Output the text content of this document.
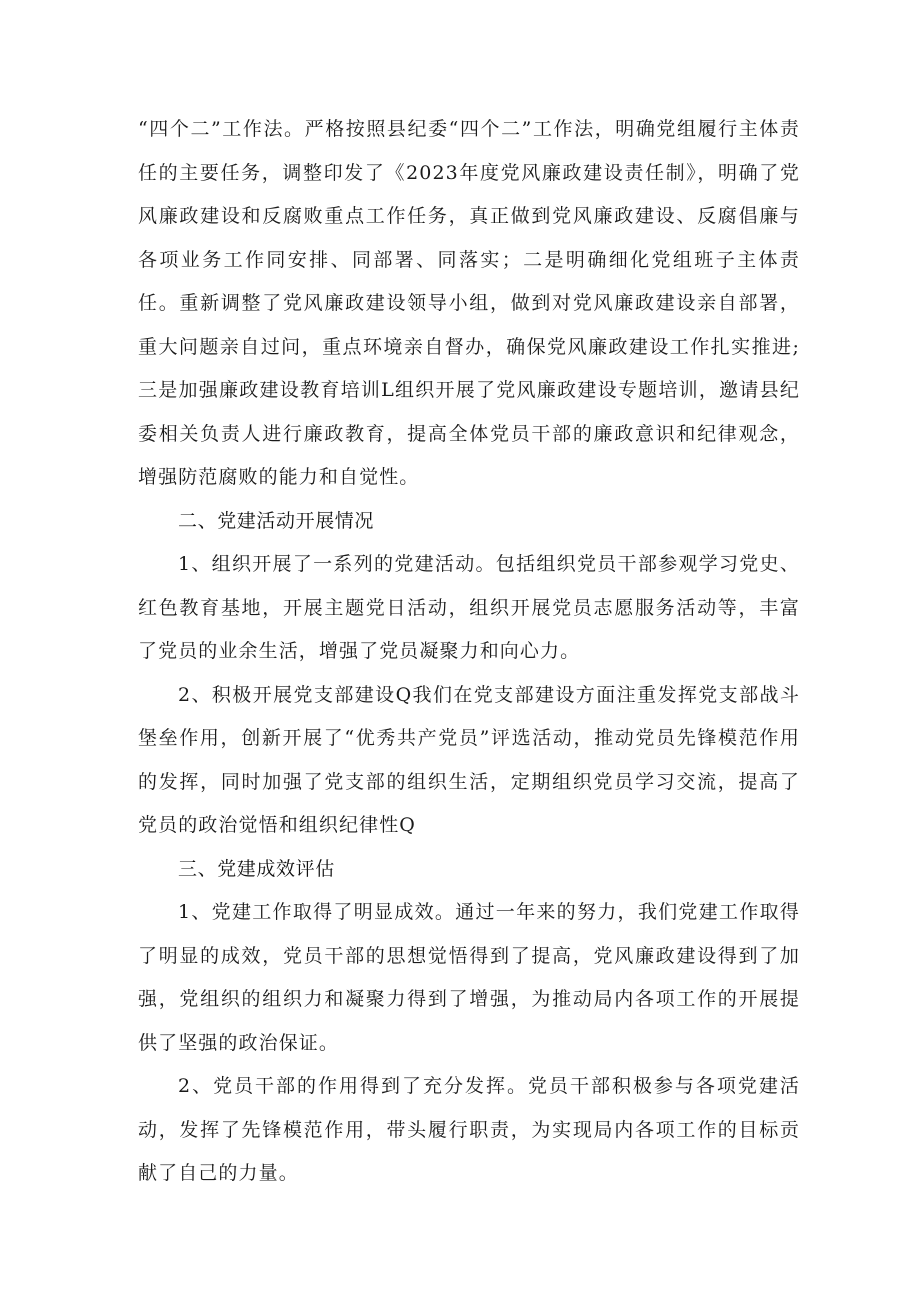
“四个二”工作法。严格按照县纪委“四个二”工作法，明确党组履行主体责任的主要任务，调整印发了《2023年度党风廉政建设责任制》，明确了党风廉政建设和反腐败重点工作任务，真正做到党风廉政建设、反腐倡廉与各项业务工作同安排、同部署、同落实；二是明确细化党组班子主体责任。重新调整了党风廉政建设领导小组，做到对党风廉政建设亲自部署，重大问题亲自过问，重点环境亲自督办，确保党风廉政建设工作扎实推进;三是加强廉政建设教育培训L组织开展了党风廉政建设专题培训，邀请县纪委相关负责人进行廉政教育，提高全体党员干部的廉政意识和纪律观念，增强防范腐败的能力和自觉性。

二、党建活动开展情况

1、组织开展了一系列的党建活动。包括组织党员干部参观学习党史、红色教育基地，开展主题党日活动，组织开展党员志愿服务活动等，丰富了党员的业余生活，增强了党员凝聚力和向心力。

2、积极开展党支部建设Q我们在党支部建设方面注重发挥党支部战斗堡垒作用，创新开展了“优秀共产党员”评选活动，推动党员先锋模范作用的发挥，同时加强了党支部的组织生活，定期组织党员学习交流，提高了党员的政治觉悟和组织纪律性Q

三、党建成效评估

1、党建工作取得了明显成效。通过一年来的努力，我们党建工作取得了明显的成效，党员干部的思想觉悟得到了提高，党风廉政建设得到了加强，党组织的组织力和凝聚力得到了增强，为推动局内各项工作的开展提供了坚强的政治保证。

2、党员干部的作用得到了充分发挥。党员干部积极参与各项党建活动，发挥了先锋模范作用，带头履行职责，为实现局内各项工作的目标贡献了自己的力量。
